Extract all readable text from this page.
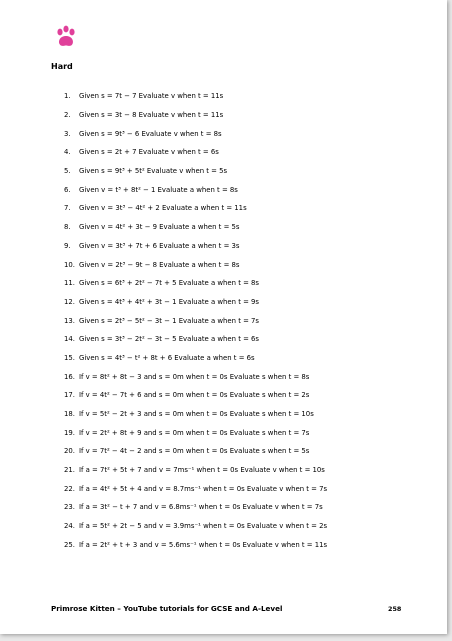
Hard
1.	Given s = 7t − 7 Evaluate v when t = 11s
2.	Given s = 3t − 8 Evaluate v when t = 11s
3.	Given s = 9t³ − 6 Evaluate v when t = 8s
4.	Given s = 2t + 7 Evaluate v when t = 6s
5.	Given s = 9t³ + 5t² Evaluate v when t = 5s
6.	Given v = t³ + 8t² − 1 Evaluate a when t = 8s
7.	Given v = 3t³ − 4t² + 2 Evaluate a when t = 11s
8.	Given v = 4t² + 3t − 9 Evaluate a when t = 5s
9.	Given v = 3t³ + 7t + 6 Evaluate a when t = 3s
10. Given v = 2t³ − 9t − 8 Evaluate a when t = 8s
11. Given s = 6t³ + 2t² − 7t + 5 Evaluate a when t = 8s
12. Given s = 4t³ + 4t² + 3t − 1 Evaluate a when t = 9s
13. Given s = 2t³ − 5t² − 3t − 1 Evaluate a when t = 7s
14. Given s = 3t³ − 2t² − 3t − 5 Evaluate a when t = 6s
15. Given s = 4t³ − t² + 8t + 6 Evaluate a when t = 6s
16. If v = 8t² + 8t − 3 and s = 0m when t = 0s Evaluate s when t = 8s
17. If v = 4t² − 7t + 6 and s = 0m when t = 0s Evaluate s when t = 2s
18. If v = 5t² − 2t + 3 and s = 0m when t = 0s Evaluate s when t = 10s
19. If v = 2t² + 8t + 9 and s = 0m when t = 0s Evaluate s when t = 7s
20. If v = 7t² − 4t − 2 and s = 0m when t = 0s Evaluate s when t = 5s
21. If a = 7t² + 5t + 7 and v = 7ms⁻¹ when t = 0s Evaluate v when t = 10s
22. If a = 4t² + 5t + 4 and v = 8.7ms⁻¹ when t = 0s Evaluate v when t = 7s
23. If a = 3t² − t + 7 and v = 6.8ms⁻¹ when t = 0s Evaluate v when t = 7s
24. If a = 5t² + 2t − 5 and v = 3.9ms⁻¹ when t = 0s Evaluate v when t = 2s
25. If a = 2t² + t + 3 and v = 5.6ms⁻¹ when t = 0s Evaluate v when t = 11s
Primrose Kitten – YouTube tutorials for GCSE and A-Level	258
